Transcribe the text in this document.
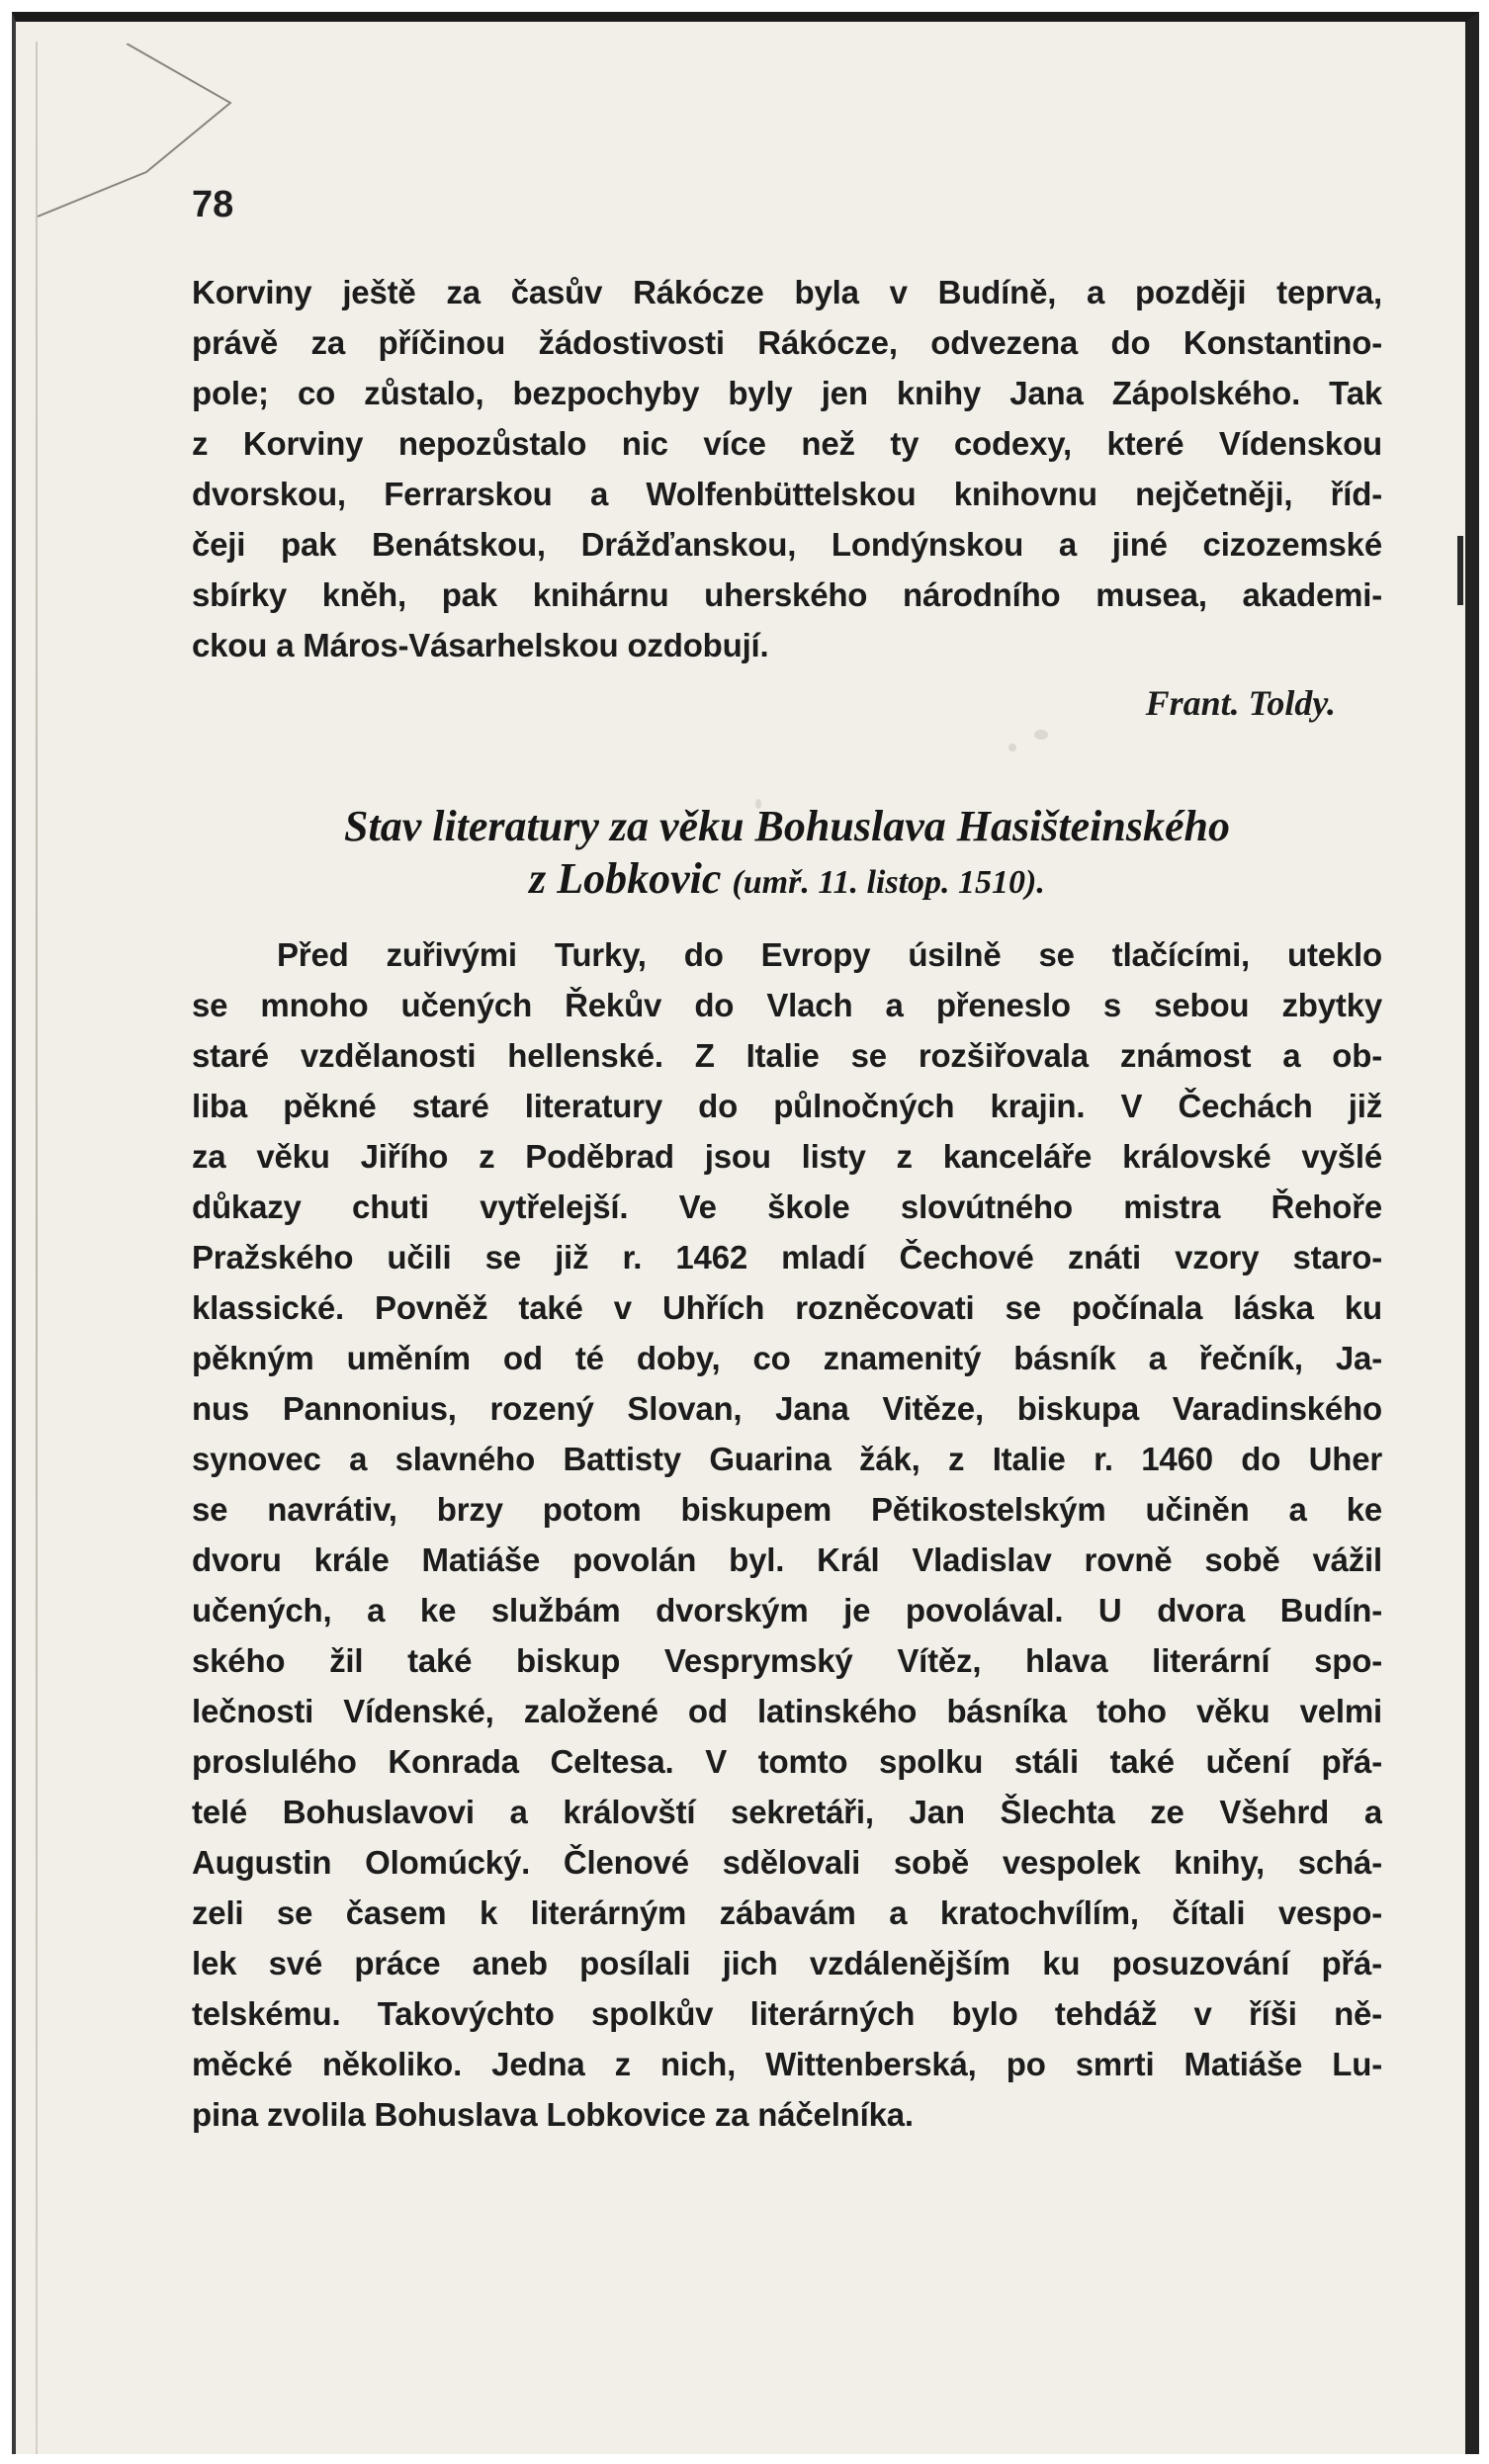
78
Korviny ještě za časův Rákócze byla v Budíně, a později teprva,
právě za příčinou žádostivosti Rákócze, odvezena do Konstantino-
pole; co zůstalo, bezpochyby byly jen knihy Jana Zápolského. Tak
z Korviny nepozůstalo nic více než ty codexy, které Vídenskou
dvorskou, Ferrarskou a Wolfenbüttelskou knihovnu nejčetněji, říd-
čeji pak Benátskou, Drážďanskou, Londýnskou a jiné cizozemské
sbírky kněh, pak knihárnu uherského národního musea, akademi-
ckou a Máros-Vásarhelskou ozdobují.
Frant. Toldy.
Stav literatury za věku Bohuslava Hasišteinského
z Lobkovic (umř. 11. listop. 1510).
Před zuřivými Turky, do Evropy úsilně se tlačícími, uteklo
se mnoho učených Řekův do Vlach a přeneslo s sebou zbytky
staré vzdělanosti hellenské. Z Italie se rozšiřovala známost a ob-
liba pěkné staré literatury do půlnočných krajin. V Čechách již
za věku Jiřího z Poděbrad jsou listy z kanceláře královské vyšlé
důkazy chuti vytřelejší. Ve škole slovútného mistra Řehoře
Pražského učili se již r. 1462 mladí Čechové znáti vzory staro-
klassické. Povněž také v Uhřích rozněcovati se počínala láska ku
pěkným uměním od té doby, co znamenitý básník a řečník, Ja-
nus Pannonius, rozený Slovan, Jana Vitěze, biskupa Varadinského
synovec a slavného Battisty Guarina žák, z Italie r. 1460 do Uher
se navrátiv, brzy potom biskupem Pětikostelským učiněn a ke
dvoru krále Matiáše povolán byl. Král Vladislav rovně sobě vážil
učených, a ke službám dvorským je povolával. U dvora Budín-
ského žil také biskup Vesprymský Vítěz, hlava literární spo-
lečnosti Vídenské, založené od latinského básníka toho věku velmi
proslulého Konrada Celtesa. V tomto spolku stáli také učení přá-
telé Bohuslavovi a královští sekretáři, Jan Šlechta ze Všehrd a
Augustin Olomúcký. Členové sdělovali sobě vespolek knihy, schá-
zeli se časem k literárným zábavám a kratochvílím, čítali vespo-
lek své práce aneb posílali jich vzdálenějším ku posuzování přá-
telskému. Takovýchto spolkův literárných bylo tehdáž v říši ně-
měcké několiko. Jedna z nich, Wittenberská, po smrti Matiáše Lu-
pina zvolila Bohuslava Lobkovice za náčelníka.
